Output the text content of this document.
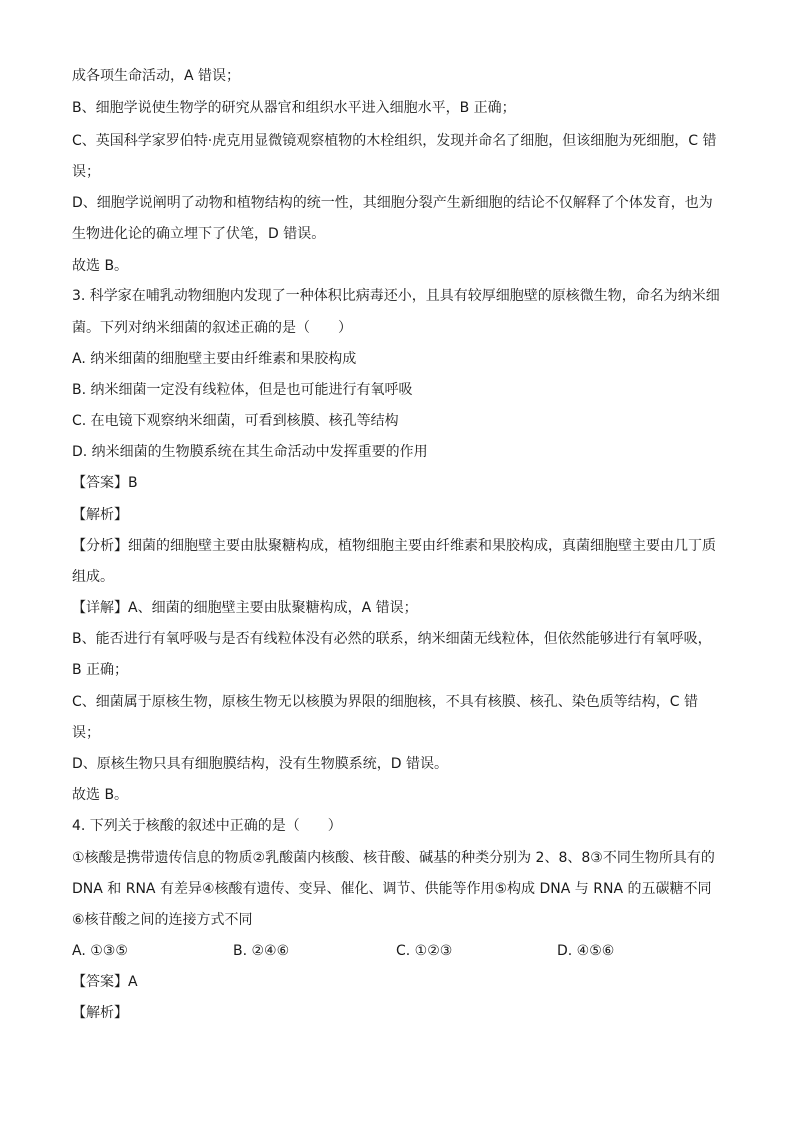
成各项生命活动，A 错误；
B、细胞学说使生物学的研究从器官和组织水平进入细胞水平，B 正确；
C、英国科学家罗伯特·虎克用显微镜观察植物的木栓组织，发现并命名了细胞，但该细胞为死细胞，C 错
误；
D、细胞学说阐明了动物和植物结构的统一性，其细胞分裂产生新细胞的结论不仅解释了个体发育，也为
生物进化论的确立埋下了伏笔，D 错误。
故选 B。
3. 科学家在哺乳动物细胞内发现了一种体积比病毒还小，且具有较厚细胞壁的原核微生物，命名为纳米细
菌。下列对纳米细菌的叙述正确的是（　　）
A. 纳米细菌的细胞壁主要由纤维素和果胶构成
B. 纳米细菌一定没有线粒体，但是也可能进行有氧呼吸
C. 在电镜下观察纳米细菌，可看到核膜、核孔等结构
D. 纳米细菌的生物膜系统在其生命活动中发挥重要的作用
【答案】B
【解析】
【分析】细菌的细胞壁主要由肽聚糖构成，植物细胞主要由纤维素和果胶构成，真菌细胞壁主要由几丁质
组成。
【详解】A、细菌的细胞壁主要由肽聚糖构成，A 错误；
B、能否进行有氧呼吸与是否有线粒体没有必然的联系，纳米细菌无线粒体，但依然能够进行有氧呼吸，
B 正确；
C、细菌属于原核生物，原核生物无以核膜为界限的细胞核，不具有核膜、核孔、染色质等结构，C 错
误；
D、原核生物只具有细胞膜结构，没有生物膜系统，D 错误。
故选 B。
4. 下列关于核酸的叙述中正确的是（　　）
①核酸是携带遗传信息的物质②乳酸菌内核酸、核苷酸、碱基的种类分别为 2、8、8③不同生物所具有的
DNA 和 RNA 有差异④核酸有遗传、变异、催化、调节、供能等作用⑤构成 DNA 与 RNA 的五碳糖不同
⑥核苷酸之间的连接方式不同
A. ①③⑤	B. ②④⑥	C. ①②③	D. ④⑤⑥
【答案】A
【解析】
